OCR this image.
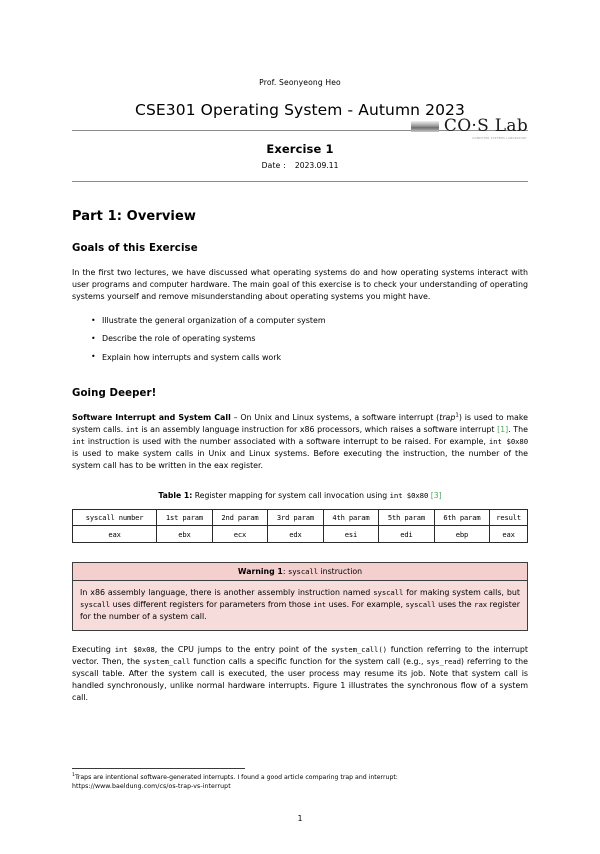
CO·S Lab
COMPUTER SYSTEMS LABORATORY
Prof. Seonyeong Heo
CSE301 Operating System - Autumn 2023
Exercise 1
Date : 2023.09.11
Part 1: Overview
Goals of this Exercise

In the first two lectures, we have discussed what operating systems do and how operating systems interact with user programs and computer hardware. The main goal of this exercise is to check your understanding of operating systems yourself and remove misunderstanding about operating systems you might have.

• Illustrate the general organization of a computer system
• Describe the role of operating systems
• Explain how interrupts and system calls work
Going Deeper!

Software Interrupt and System Call – On Unix and Linux systems, a software interrupt (trap$^1$) is used to make system calls. int is an assembly language instruction for x86 processors, which raises a software interrupt [1]. The int instruction is used with the number associated with a software interrupt to be raised. For example, int $0x80 is used to make system calls in Unix and Linux systems. Before executing the instruction, the number of the system call has to be written in the eax register.

Table 1: Register mapping for system call invocation using int $0x80 [3]
syscall number	1st param	2nd param	3rd param	4th param	5th param	6th param	result
eax	ebx	ecx	edx	esi	edi	ebp	eax
Warning 1: syscall instruction
In x86 assembly language, there is another assembly instruction named syscall for making system calls, but syscall uses different registers for parameters from those int uses. For example, syscall uses the rax register for the number of a system call.

Executing int $0x08, the CPU jumps to the entry point of the system_call() function referring to the interrupt vector. Then, the system_call function calls a specific function for the system call (e.g., sys_read) referring to the syscall table. After the system call is executed, the user process may resume its job. Note that system call is handled synchronously, unlike normal hardware interrupts. Figure 1 illustrates the synchronous flow of a system call.

$^1$Traps are intentional software-generated interrupts. I found a good article comparing trap and interrupt:
https://www.baeldung.com/cs/os-trap-vs-interrupt

1
